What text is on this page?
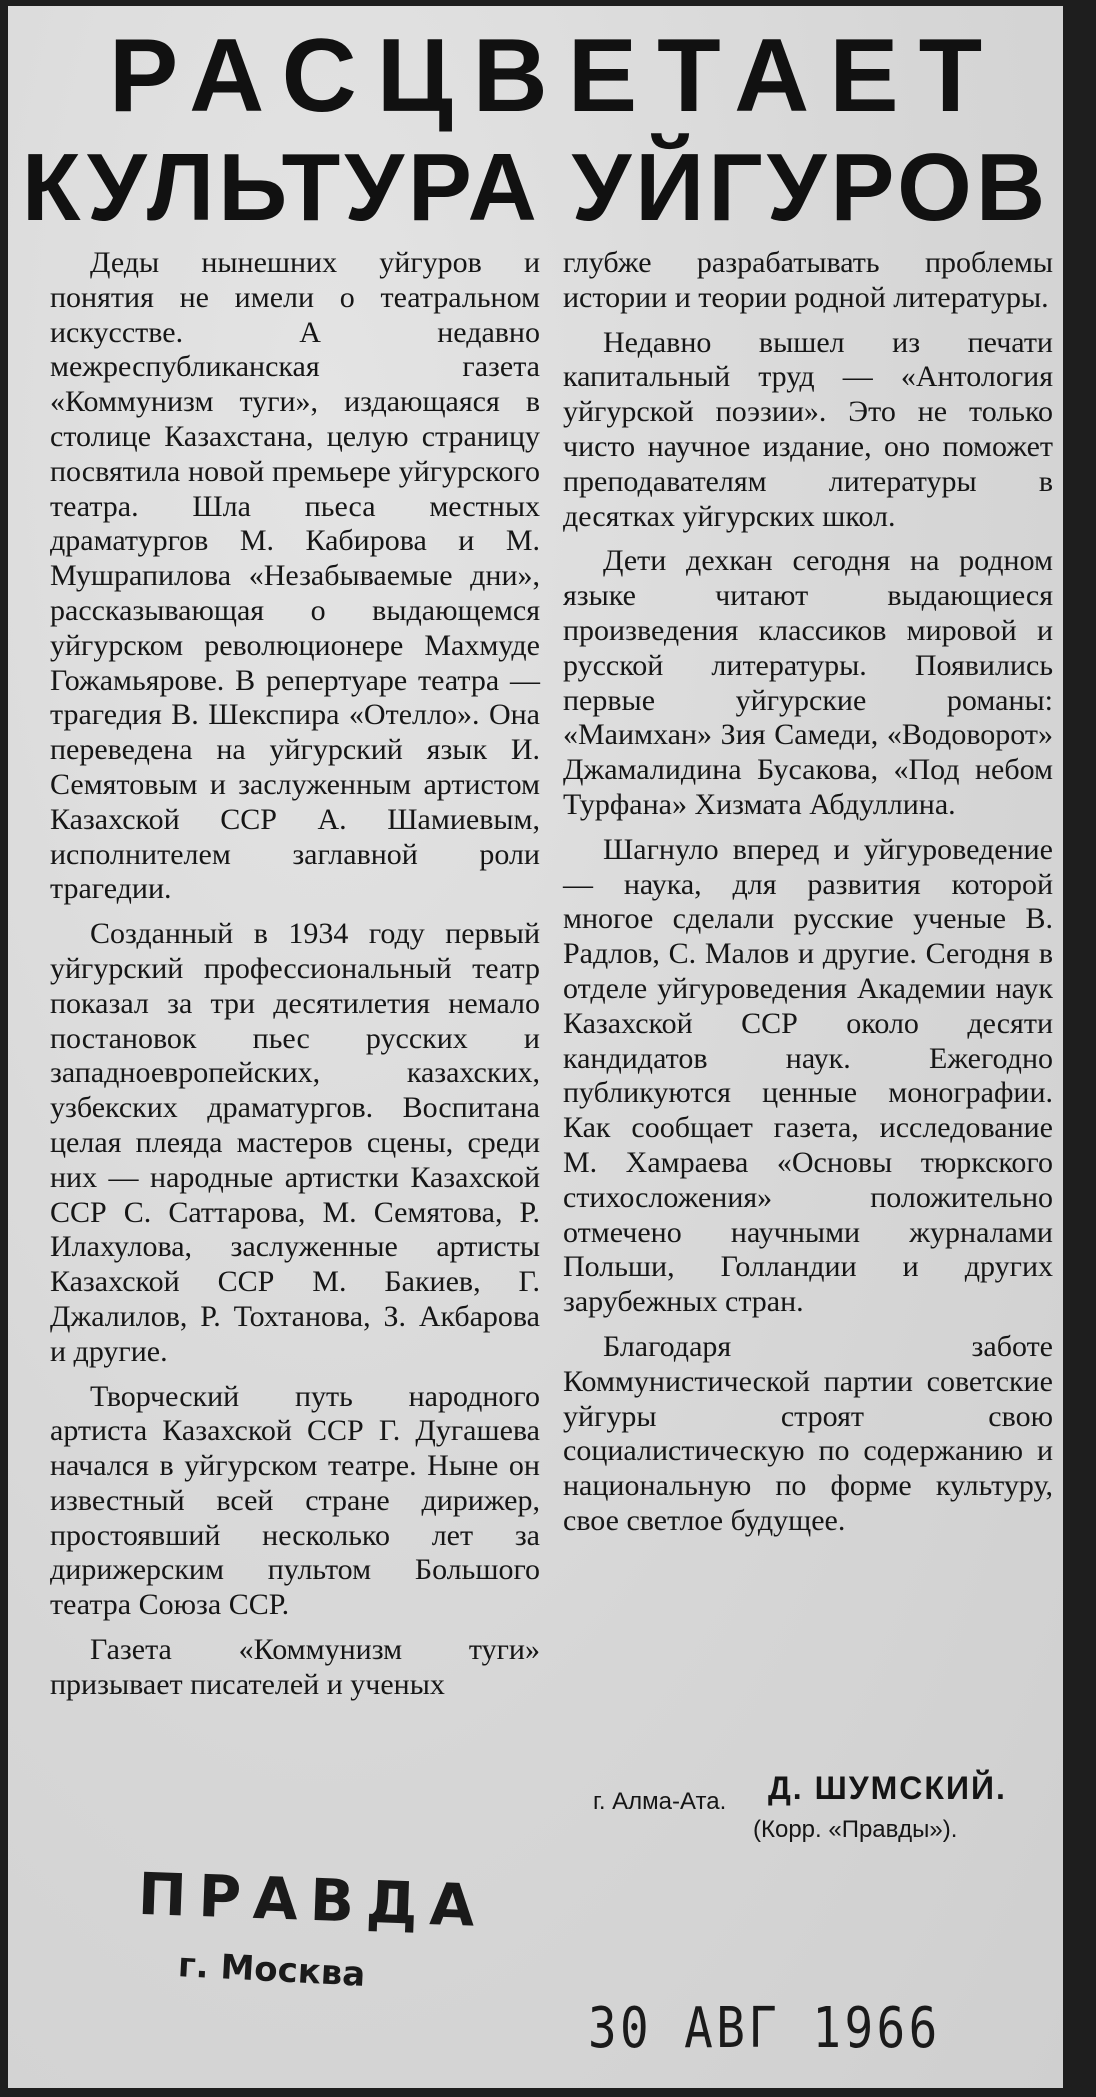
РАСЦВЕТАЕТ
КУЛЬТУРА УЙГУРОВ

Деды нынешних уйгуров и понятия не имели о театральном искусстве. А недавно межреспубликанская газета «Коммунизм туги», издающаяся в столице Казахстана, целую страницу посвятила новой премьере уйгурского театра. Шла пьеса местных драматургов М. Кабирова и М. Мушрапилова «Незабываемые дни», рассказывающая о выдающемся уйгурском революционере Махмуде Гожамьярове. В репертуаре театра — трагедия В. Шекспира «Отелло». Она переведена на уйгурский язык И. Семятовым и заслуженным артистом Казахской ССР А. Шамиевым, исполнителем заглавной роли трагедии.

Созданный в 1934 году первый уйгурский профессиональный театр показал за три десятилетия немало постановок пьес русских и западноевропейских, казахских, узбекских драматургов. Воспитана целая плеяда мастеров сцены, среди них — народные артистки Казахской ССР С. Саттарова, М. Семятова, Р. Илахулова, заслуженные артисты Казахской ССР М. Бакиев, Г. Джалилов, Р. Тохтанова, З. Акбарова и другие.

Творческий путь народного артиста Казахской ССР Г. Дугашева начался в уйгурском театре. Ныне он известный всей стране дирижер, простоявший несколько лет за дирижерским пультом Большого театра Союза ССР.

Газета «Коммунизм туги» призывает писателей и ученых

глубже разрабатывать проблемы истории и теории родной литературы.

Недавно вышел из печати капитальный труд — «Антология уйгурской поэзии». Это не только чисто научное издание, оно поможет преподавателям литературы в десятках уйгурских школ.

Дети дехкан сегодня на родном языке читают выдающиеся произведения классиков мировой и русской литературы. Появились первые уйгурские романы: «Маимхан» Зия Самеди, «Водоворот» Джамалидина Бусакова, «Под небом Турфана» Хизмата Абдуллина.

Шагнуло вперед и уйгуроведение — наука, для развития которой многое сделали русские ученые В. Радлов, С. Малов и другие. Сегодня в отделе уйгуроведения Академии наук Казахской ССР около десяти кандидатов наук. Ежегодно публикуются ценные монографии. Как сообщает газета, исследование М. Хамраева «Основы тюркского стихосложения» положительно отмечено научными журналами Польши, Голландии и других зарубежных стран.

Благодаря заботе Коммунистической партии советские уйгуры строят свою социалистическую по содержанию и национальную по форме культуру, свое светлое будущее.

Д. ШУМСКИЙ.
(Корр. «Правды»).
г. Алма-Ата.
ПРАВДА
г. Москва
30 АВГ 1966
